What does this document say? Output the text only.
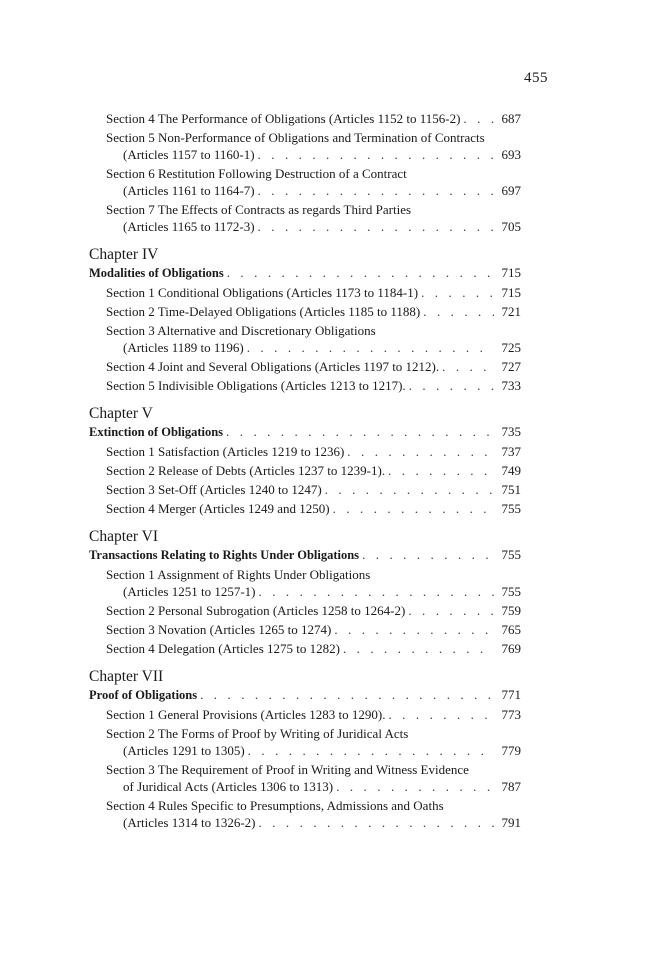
455
Section 4 The Performance of Obligations (Articles 1152 to 1156-2) . . .	687
Section 5 Non-Performance of Obligations and Termination of Contracts
(Articles 1157 to 1160-1) . . .	693
Section 6 Restitution Following Destruction of a Contract
(Articles 1161 to 1164-7) . . .	697
Section 7 The Effects of Contracts as regards Third Parties
(Articles 1165 to 1172-3) . . .	705
Chapter IV
Modalities of Obligations . . .	715
Section 1 Conditional Obligations (Articles 1173 to 1184-1) . . .	715
Section 2 Time-Delayed Obligations (Articles 1185 to 1188) . . .	721
Section 3 Alternative and Discretionary Obligations
(Articles 1189 to 1196) . . .	725
Section 4 Joint and Several Obligations (Articles 1197 to 1212). . . .	727
Section 5 Indivisible Obligations (Articles 1213 to 1217). . . .	733
Chapter V
Extinction of Obligations . . .	735
Section 1 Satisfaction (Articles 1219 to 1236) . . .	737
Section 2 Release of Debts (Articles 1237 to 1239-1). . . .	749
Section 3 Set-Off (Articles 1240 to 1247) . . .	751
Section 4 Merger (Articles 1249 and 1250) . . .	755
Chapter VI
Transactions Relating to Rights Under Obligations . . .	755
Section 1 Assignment of Rights Under Obligations
(Articles 1251 to 1257-1) . . .	755
Section 2 Personal Subrogation (Articles 1258 to 1264-2) . . .	759
Section 3 Novation (Articles 1265 to 1274) . . .	765
Section 4 Delegation (Articles 1275 to 1282) . . .	769
Chapter VII
Proof of Obligations . . .	771
Section 1 General Provisions (Articles 1283 to 1290). . . .	773
Section 2 The Forms of Proof by Writing of Juridical Acts
(Articles 1291 to 1305) . . .	779
Section 3 The Requirement of Proof in Writing and Witness Evidence
of Juridical Acts (Articles 1306 to 1313) . . .	787
Section 4 Rules Specific to Presumptions, Admissions and Oaths
(Articles 1314 to 1326-2) . . .	791
